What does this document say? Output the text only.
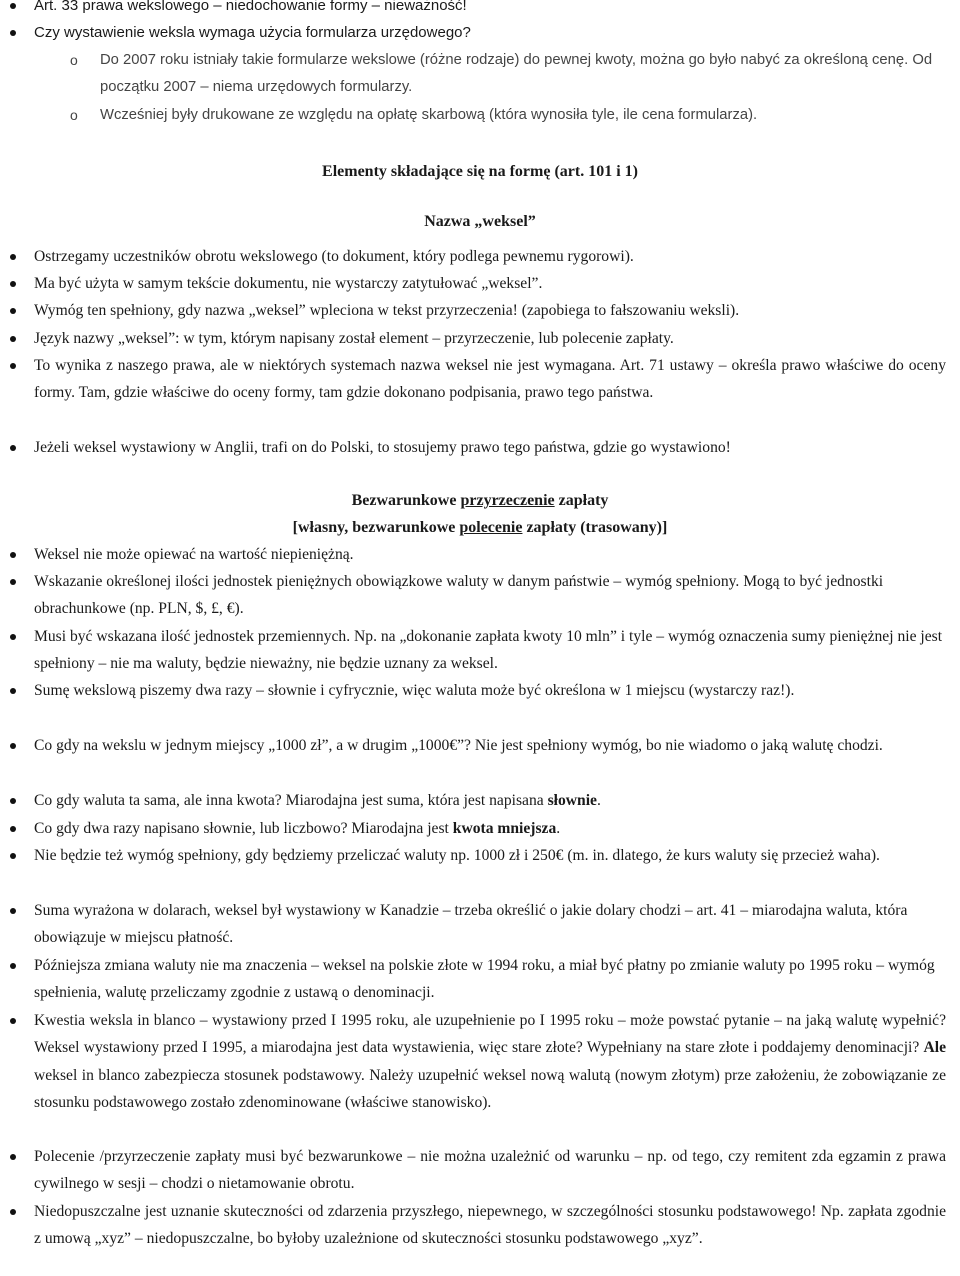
Art. 33 prawa wekslowego – niedochowanie formy – nieważność!
Czy wystawienie weksla wymaga użycia formularza urzędowego?
o Do 2007 roku istniały takie formularze wekslowe (różne rodzaje) do pewnej kwoty, można go było nabyć za określoną cenę. Od początku 2007 – niema urzędowych formularzy.
o Wcześniej były drukowane ze względu na opłatę skarbową (która wynosiła tyle, ile cena formularza).
Elementy składające się na formę (art. 101 i 1)
Nazwa „weksel”
Ostrzegamy uczestników obrotu wekslowego (to dokument, który podlega pewnemu rygorowi).
Ma być użyta w samym tekście dokumentu, nie wystarczy zatytułować „weksel”.
Wymóg ten spełniony, gdy nazwa „weksel” wpleciona w tekst przyrzeczenia! (zapobiega to fałszowaniu weksli).
Język nazwy „weksel”: w tym, którym napisany został element – przyrzeczenie, lub polecenie zapłaty.
To wynika z naszego prawa, ale w niektórych systemach nazwa weksel nie jest wymagana. Art. 71 ustawy – określa prawo właściwe do oceny formy. Tam, gdzie właściwe do oceny formy, tam gdzie dokonano podpisania, prawo tego państwa.
Jeżeli weksel wystawiony w Anglii, trafi on do Polski, to stosujemy prawo tego państwa, gdzie go wystawiono!
Bezwarunkowe przyrzeczenie zapłaty
[własny, bezwarunkowe polecenie zapłaty (trasowany)]
Weksel nie może opiewać na wartość niepieniężną.
Wskazanie określonej ilości jednostek pieniężnych obowiązkowe waluty w danym państwie – wymóg spełniony. Mogą to być jednostki obrachunkowe (np. PLN, $, £, €).
Musi być wskazana ilość jednostek przemiennych. Np. na „dokonanie zapłata kwoty 10 mln” i tyle – wymóg oznaczenia sumy pieniężnej nie jest spełniony – nie ma waluty, będzie nieważny, nie będzie uznany za weksel.
Sumę wekslową piszemy dwa razy – słownie i cyfrycznie, więc waluta może być określona w 1 miejscu (wystarczy raz!).
Co gdy na wekslu w jednym miejscy „1000 zł”, a w drugim „1000€”? Nie jest spełniony wymóg, bo nie wiadomo o jaką walutę chodzi.
Co gdy waluta ta sama, ale inna kwota? Miarodajna jest suma, która jest napisana słownie.
Co gdy dwa razy napisano słownie, lub liczbowo? Miarodajna jest kwota mniejsza.
Nie będzie też wymóg spełniony, gdy będziemy przeliczać waluty np. 1000 zł i 250€ (m. in. dlatego, że kurs waluty się przecież waha).
Suma wyrażona w dolarach, weksel był wystawiony w Kanadzie – trzeba określić o jakie dolary chodzi – art. 41 – miarodajna waluta, która obowiązuje w miejscu płatność.
Późniejsza zmiana waluty nie ma znaczenia – weksel na polskie złote w 1994 roku, a miał być płatny po zmianie waluty po 1995 roku – wymóg spełnienia, walutę przeliczamy zgodnie z ustawą o denominacji.
Kwestia weksla in blanco – wystawiony przed I 1995 roku, ale uzupełnienie po I 1995 roku – może powstać pytanie – na jaką walutę wypełnić? Weksel wystawiony przed I 1995, a miarodajna jest data wystawienia, więc stare złote? Wypełniany na stare złote i poddajemy denominacji? Ale weksel in blanco zabezpiecza stosunek podstawowy. Należy uzupełnić weksel nową walutą (nowym złotym) prze założeniu, że zobowiązanie ze stosunku podstawowego zostało zdenominowane (właściwe stanowisko).
Polecenie /przyrzeczenie zapłaty musi być bezwarunkowe – nie można uzależnić od warunku – np. od tego, czy remitent zda egzamin z prawa cywilnego w sesji – chodzi o nietamowanie obrotu.
Niedopuszczalne jest uznanie skuteczności od zdarzenia przyszłego, niepewnego, w szczególności stosunku podstawowego! Np. zapłata zgodnie z umową „xyz” – niedopuszczalne, bo byłoby uzależnione od skuteczności stosunku podstawowego „xyz”.
